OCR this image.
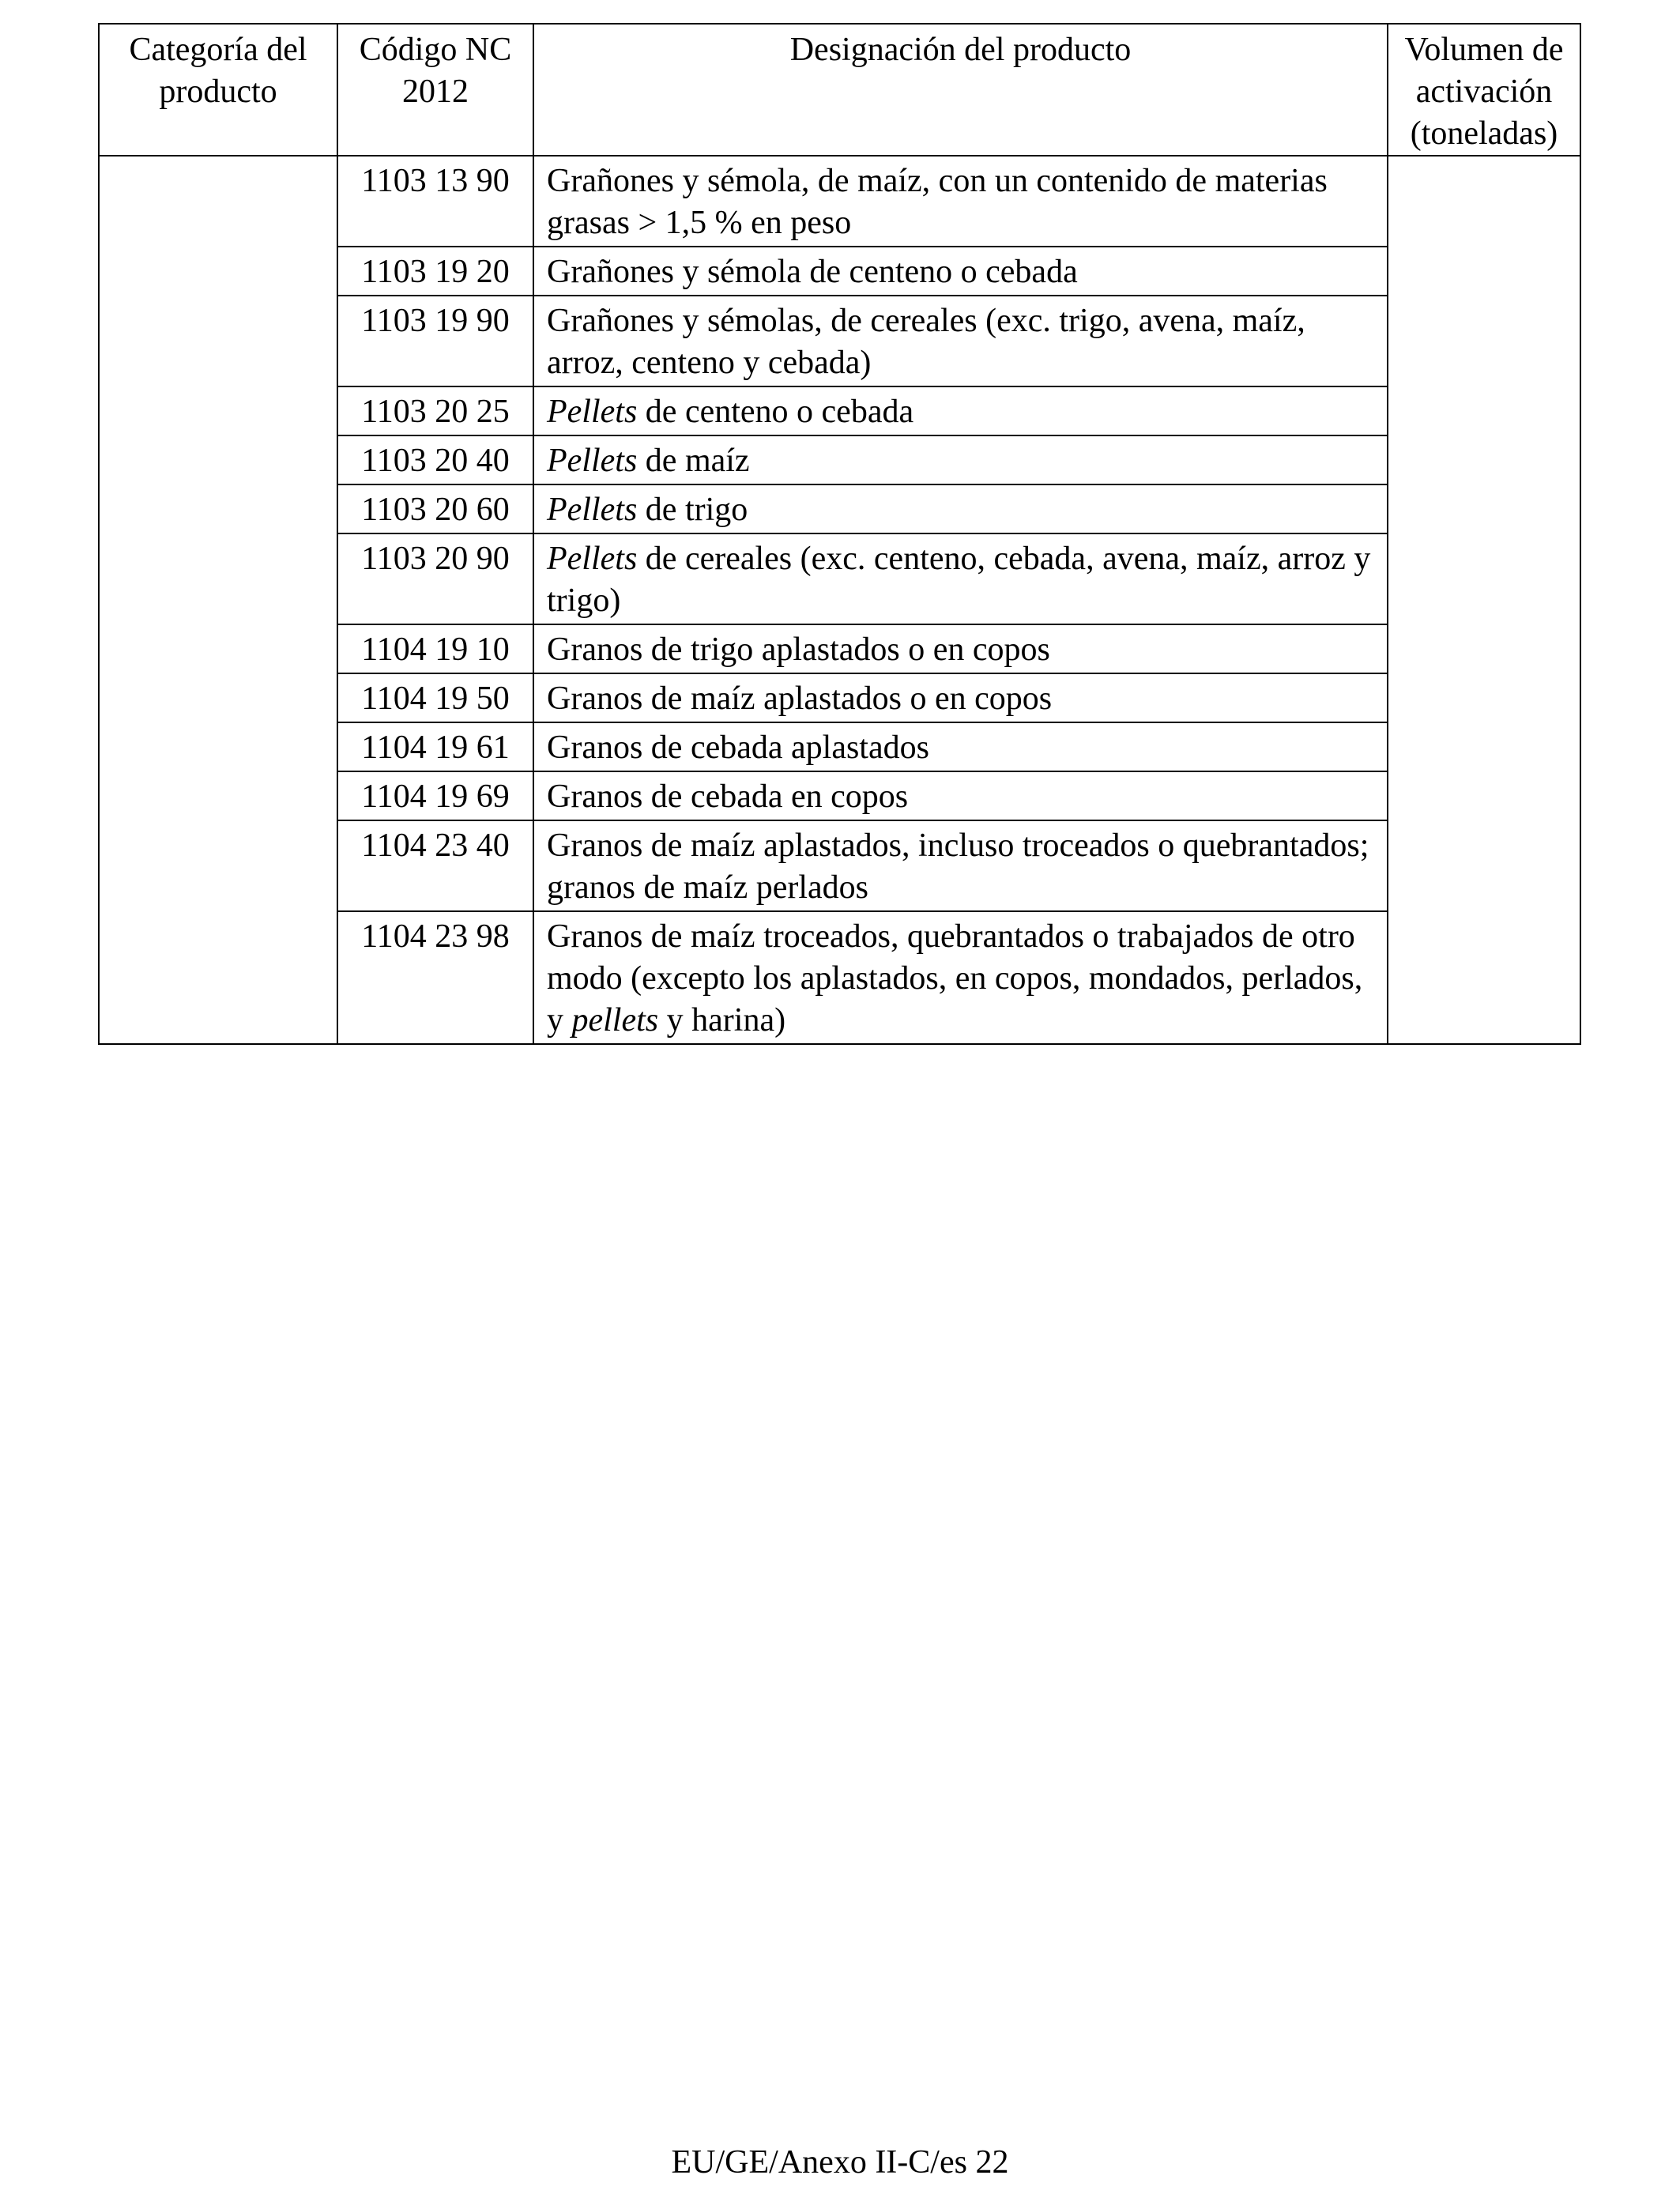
Categoría del producto	Código NC 2012	Designación del producto	Volumen de activación (toneladas)
	1103 13 90	Grañones y sémola, de maíz, con un contenido de materias grasas > 1,5 % en peso	
	1103 19 20	Grañones y sémola de centeno o cebada	
	1103 19 90	Grañones y sémolas, de cereales (exc. trigo, avena, maíz, arroz, centeno y cebada)	
	1103 20 25	Pellets de centeno o cebada	
	1103 20 40	Pellets de maíz	
	1103 20 60	Pellets de trigo	
	1103 20 90	Pellets de cereales (exc. centeno, cebada, avena, maíz, arroz y trigo)	
	1104 19 10	Granos de trigo aplastados o en copos	
	1104 19 50	Granos de maíz aplastados o en copos	
	1104 19 61	Granos de cebada aplastados	
	1104 19 69	Granos de cebada en copos	
	1104 23 40	Granos de maíz aplastados, incluso troceados o quebrantados; granos de maíz perlados	
	1104 23 98	Granos de maíz troceados, quebrantados o trabajados de otro modo (excepto los aplastados, en copos, mondados, perlados, y pellets y harina)	
EU/GE/Anexo II-C/es 22
